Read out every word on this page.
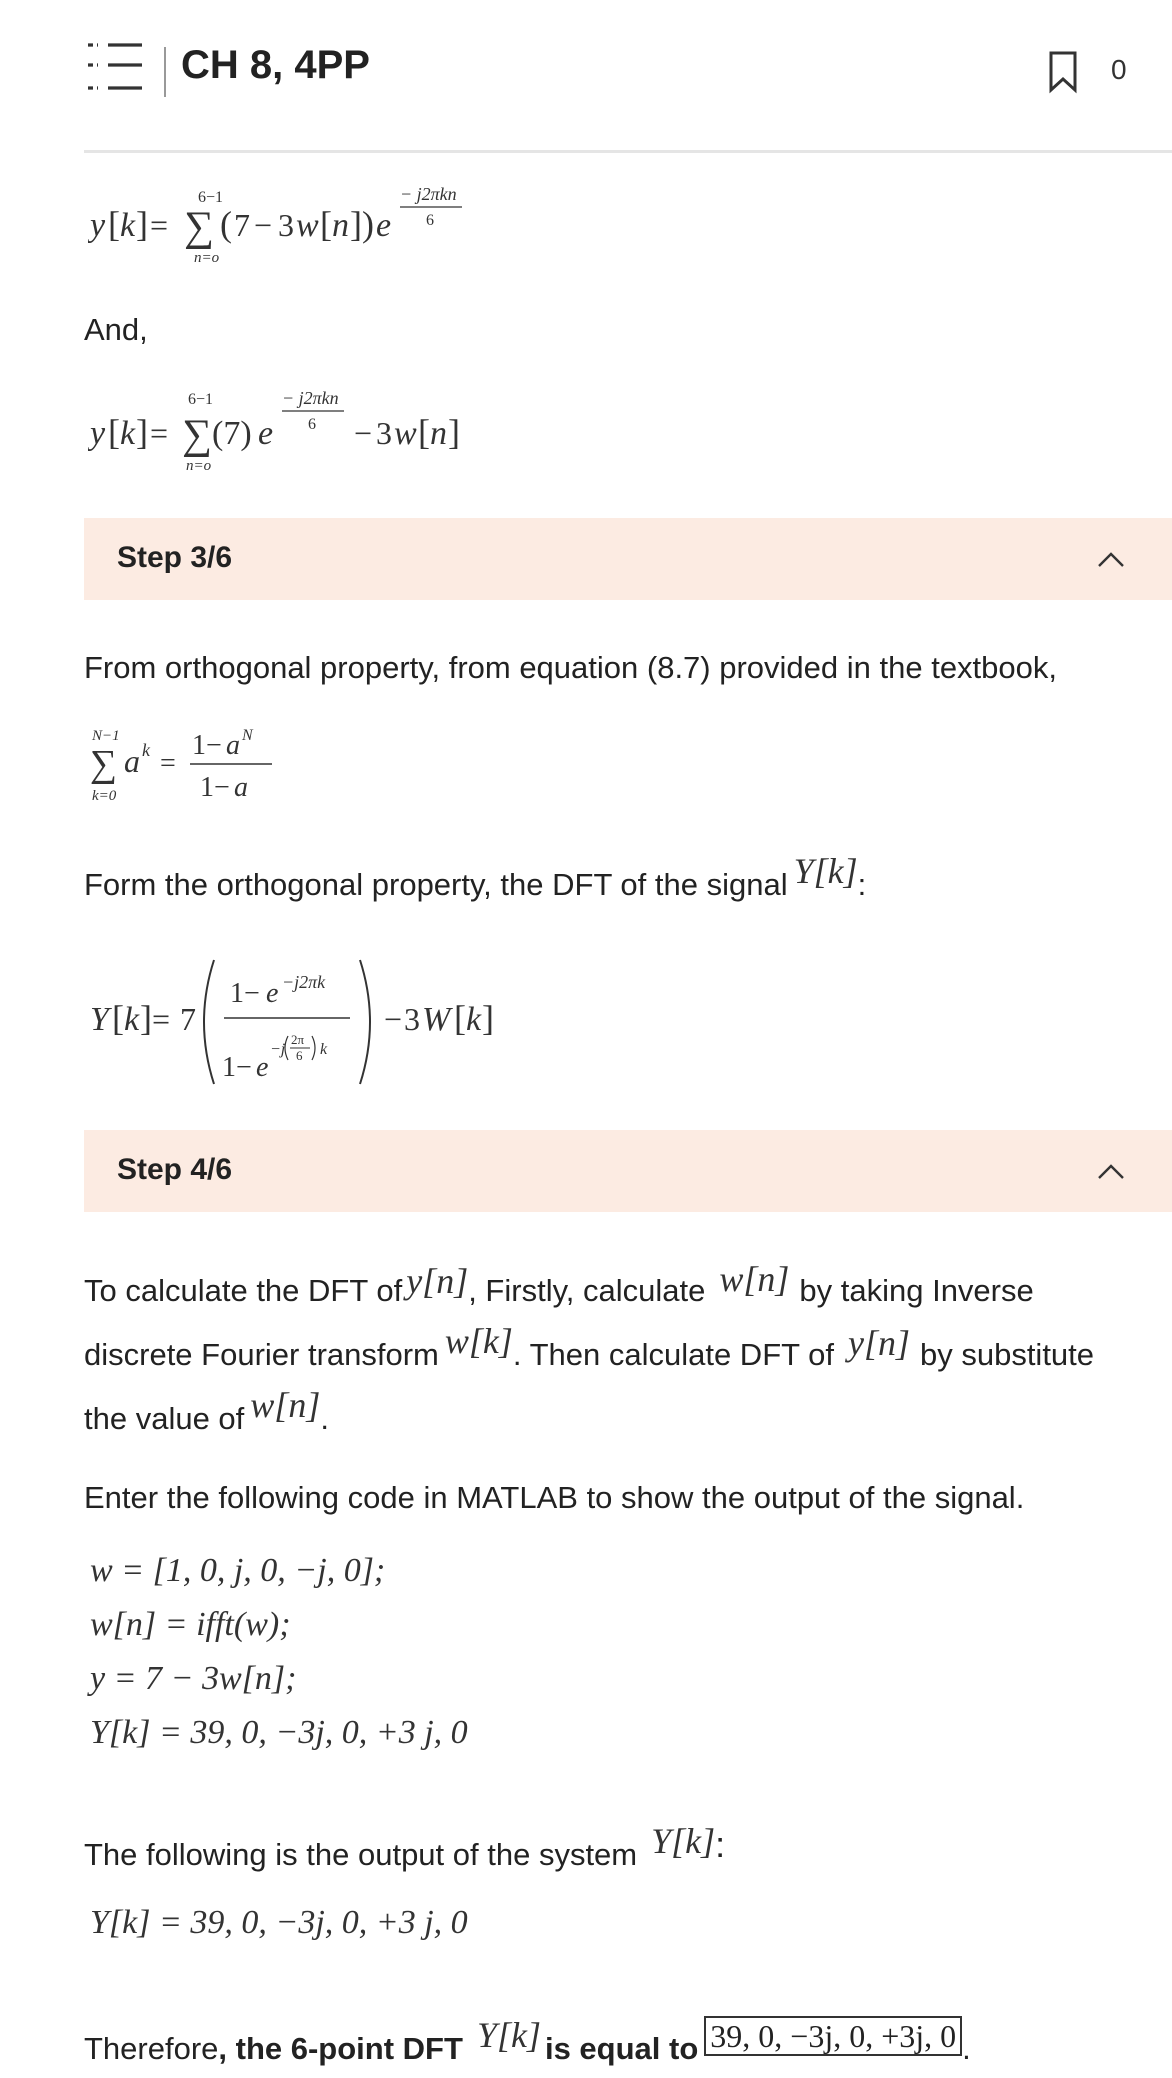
CH 8, 4PP	0
y [ k ] =
6−1
∑
n=o
( 7 − 3 w [ n ] ) e
− j2πkn
6
And,
y [ k ] =
6−1
∑
n=o
(7) e
− j2πkn
6 − 3 w [ n ]
Step 3/6
From orthogonal property, from equation (8.7) provided in the textbook,
N−1
∑
k=0
a k =
1− a N
1− a
Form the orthogonal property, the DFT of the signal Y[k]:
Y [ k ] = 7
1− e −j2πk
1− e
−j
2π
6 k
− 3 W [ k ]
Step 4/6
To calculate the DFT of y[n], Firstly, calculate w[n] by taking Inverse
discrete Fourier transform w[k]. Then calculate DFT of y[n] by substitute
the value of w[n].
Enter the following code in MATLAB to show the output of the signal.
w = [1, 0, j, 0, −j, 0];
w[n] = ifft(w);
y = 7 − 3w[n];
Y[k] = 39, 0, −3j, 0, +3 j, 0
The following is the output of the system Y[k]:
Y[k] = 39, 0, −3j, 0, +3 j, 0
Therefore, the 6-point DFT Y[k] is equal to 39, 0, −3j, 0, +3j, 0 .
